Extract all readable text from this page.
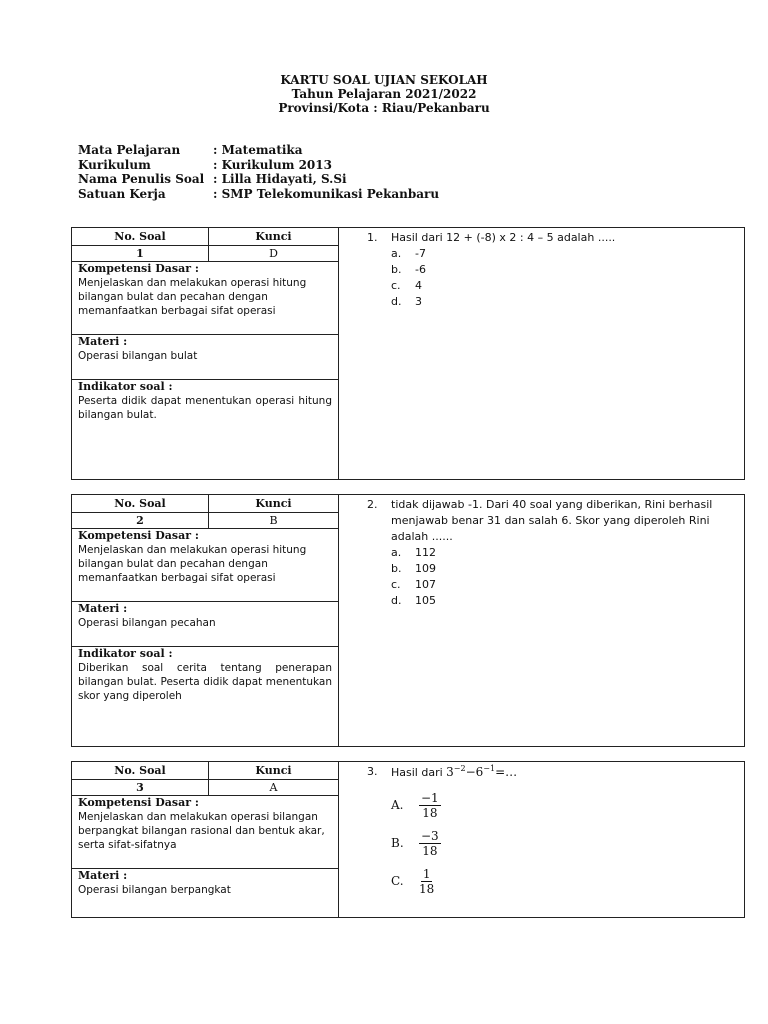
KARTU SOAL UJIAN SEKOLAH
Tahun Pelajaran 2021/2022
Provinsi/Kota : Riau/Pekanbaru
Mata Pelajaran	: Matematika
Kurikulum	: Kurikulum 2013
Nama Penulis Soal : Lilla Hidayati, S.Si
Satuan Kerja	: SMP Telekomunikasi Pekanbaru
No. Soal	Kunci
1	D
Kompetensi Dasar :
Menjelaskan dan melakukan operasi hitung bilangan bulat dan pecahan dengan memanfaatkan berbagai sifat operasi
Materi :
Operasi bilangan bulat
Indikator soal :
Peserta didik dapat menentukan operasi hitung bilangan bulat.
1.	Hasil dari 12 + (-8) x 2 : 4 – 5 adalah .....
a.	-7
b.	-6
c.	4
d.	3
No. Soal	Kunci
2	B
Kompetensi Dasar :
Menjelaskan dan melakukan operasi hitung bilangan bulat dan pecahan dengan memanfaatkan berbagai sifat operasi
Materi :
Operasi bilangan pecahan
Indikator soal :
Diberikan soal cerita tentang penerapan bilangan bulat. Peserta didik dapat menentukan skor yang diperoleh
2.	tidak dijawab -1. Dari 40 soal yang diberikan, Rini berhasil menjawab benar 31 dan salah 6. Skor yang diperoleh Rini adalah ......
a.	112
b.	109
c.	107
d.	105
No. Soal	Kunci
3	A
Kompetensi Dasar :
Menjelaskan dan melakukan operasi bilangan berpangkat bilangan rasional dan bentuk akar, serta sifat-sifatnya
Materi :
Operasi bilangan berpangkat
3.	Hasil dari $3^{-2}-6^{-1}=\dots$
A.	$\frac{-1}{18}$
B.	$\frac{-3}{18}$
C.	$\frac{1}{18}$
